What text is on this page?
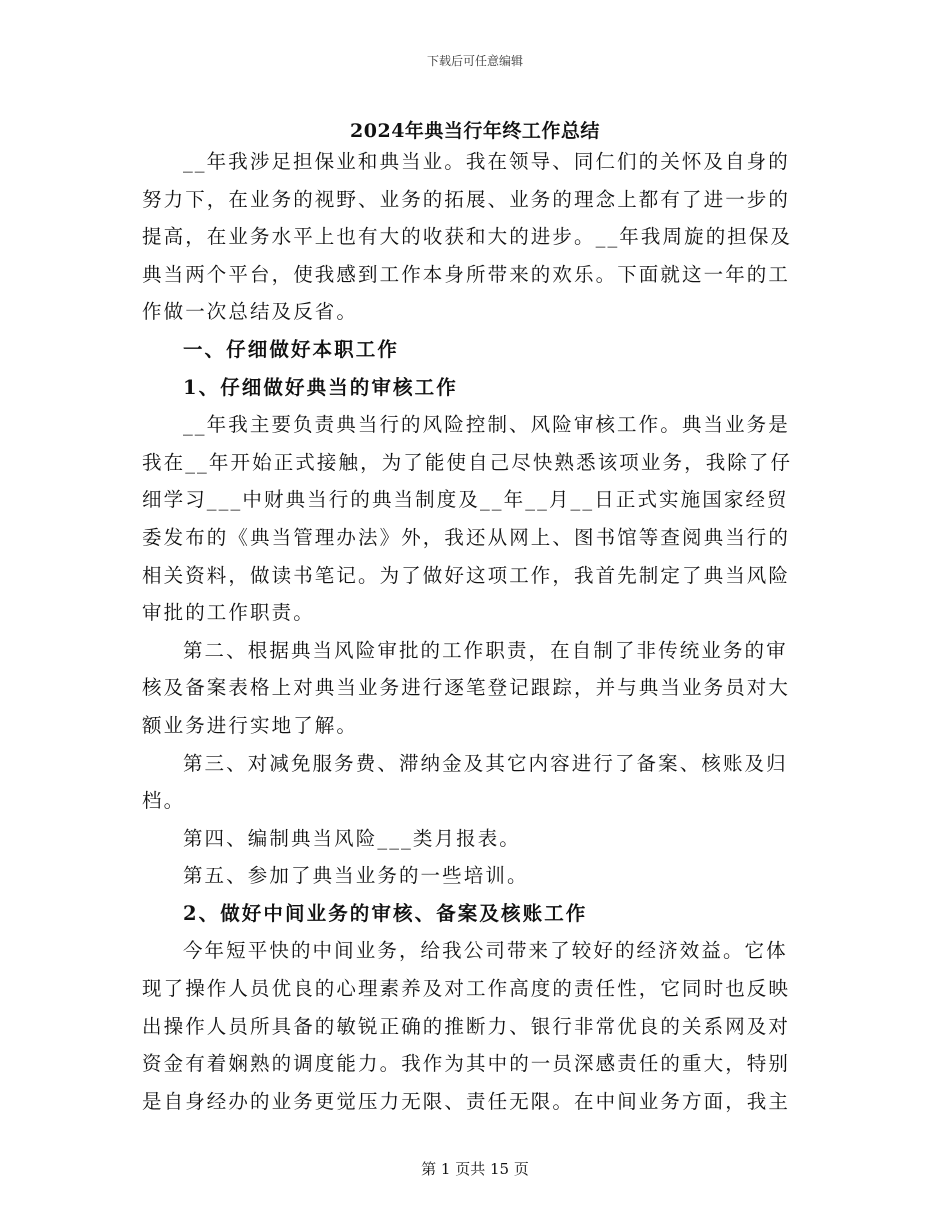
下载后可任意编辑
2024年典当行年终工作总结

__年我涉足担保业和典当业。我在领导、同仁们的关怀及自身的努力下，在业务的视野、业务的拓展、业务的理念上都有了进一步的提高，在业务水平上也有大的收获和大的进步。__年我周旋的担保及典当两个平台，使我感到工作本身所带来的欢乐。下面就这一年的工作做一次总结及反省。

一、仔细做好本职工作

1、仔细做好典当的审核工作

__年我主要负责典当行的风险控制、风险审核工作。典当业务是我在__年开始正式接触，为了能使自己尽快熟悉该项业务，我除了仔细学习___中财典当行的典当制度及__年__月__日正式实施国家经贸委发布的《典当管理办法》外，我还从网上、图书馆等查阅典当行的相关资料，做读书笔记。为了做好这项工作，我首先制定了典当风险审批的工作职责。

第二、根据典当风险审批的工作职责，在自制了非传统业务的审核及备案表格上对典当业务进行逐笔登记跟踪，并与典当业务员对大额业务进行实地了解。

第三、对减免服务费、滞纳金及其它内容进行了备案、核账及归档。

第四、编制典当风险___类月报表。

第五、参加了典当业务的一些培训。

2、做好中间业务的审核、备案及核账工作

今年短平快的中间业务，给我公司带来了较好的经济效益。它体现了操作人员优良的心理素养及对工作高度的责任性，它同时也反映出操作人员所具备的敏锐正确的推断力、银行非常优良的关系网及对资金有着娴熟的调度能力。我作为其中的一员深感责任的重大，特别是自身经办的业务更觉压力无限、责任无限。在中间业务方面，我主

第 1 页共 15 页
